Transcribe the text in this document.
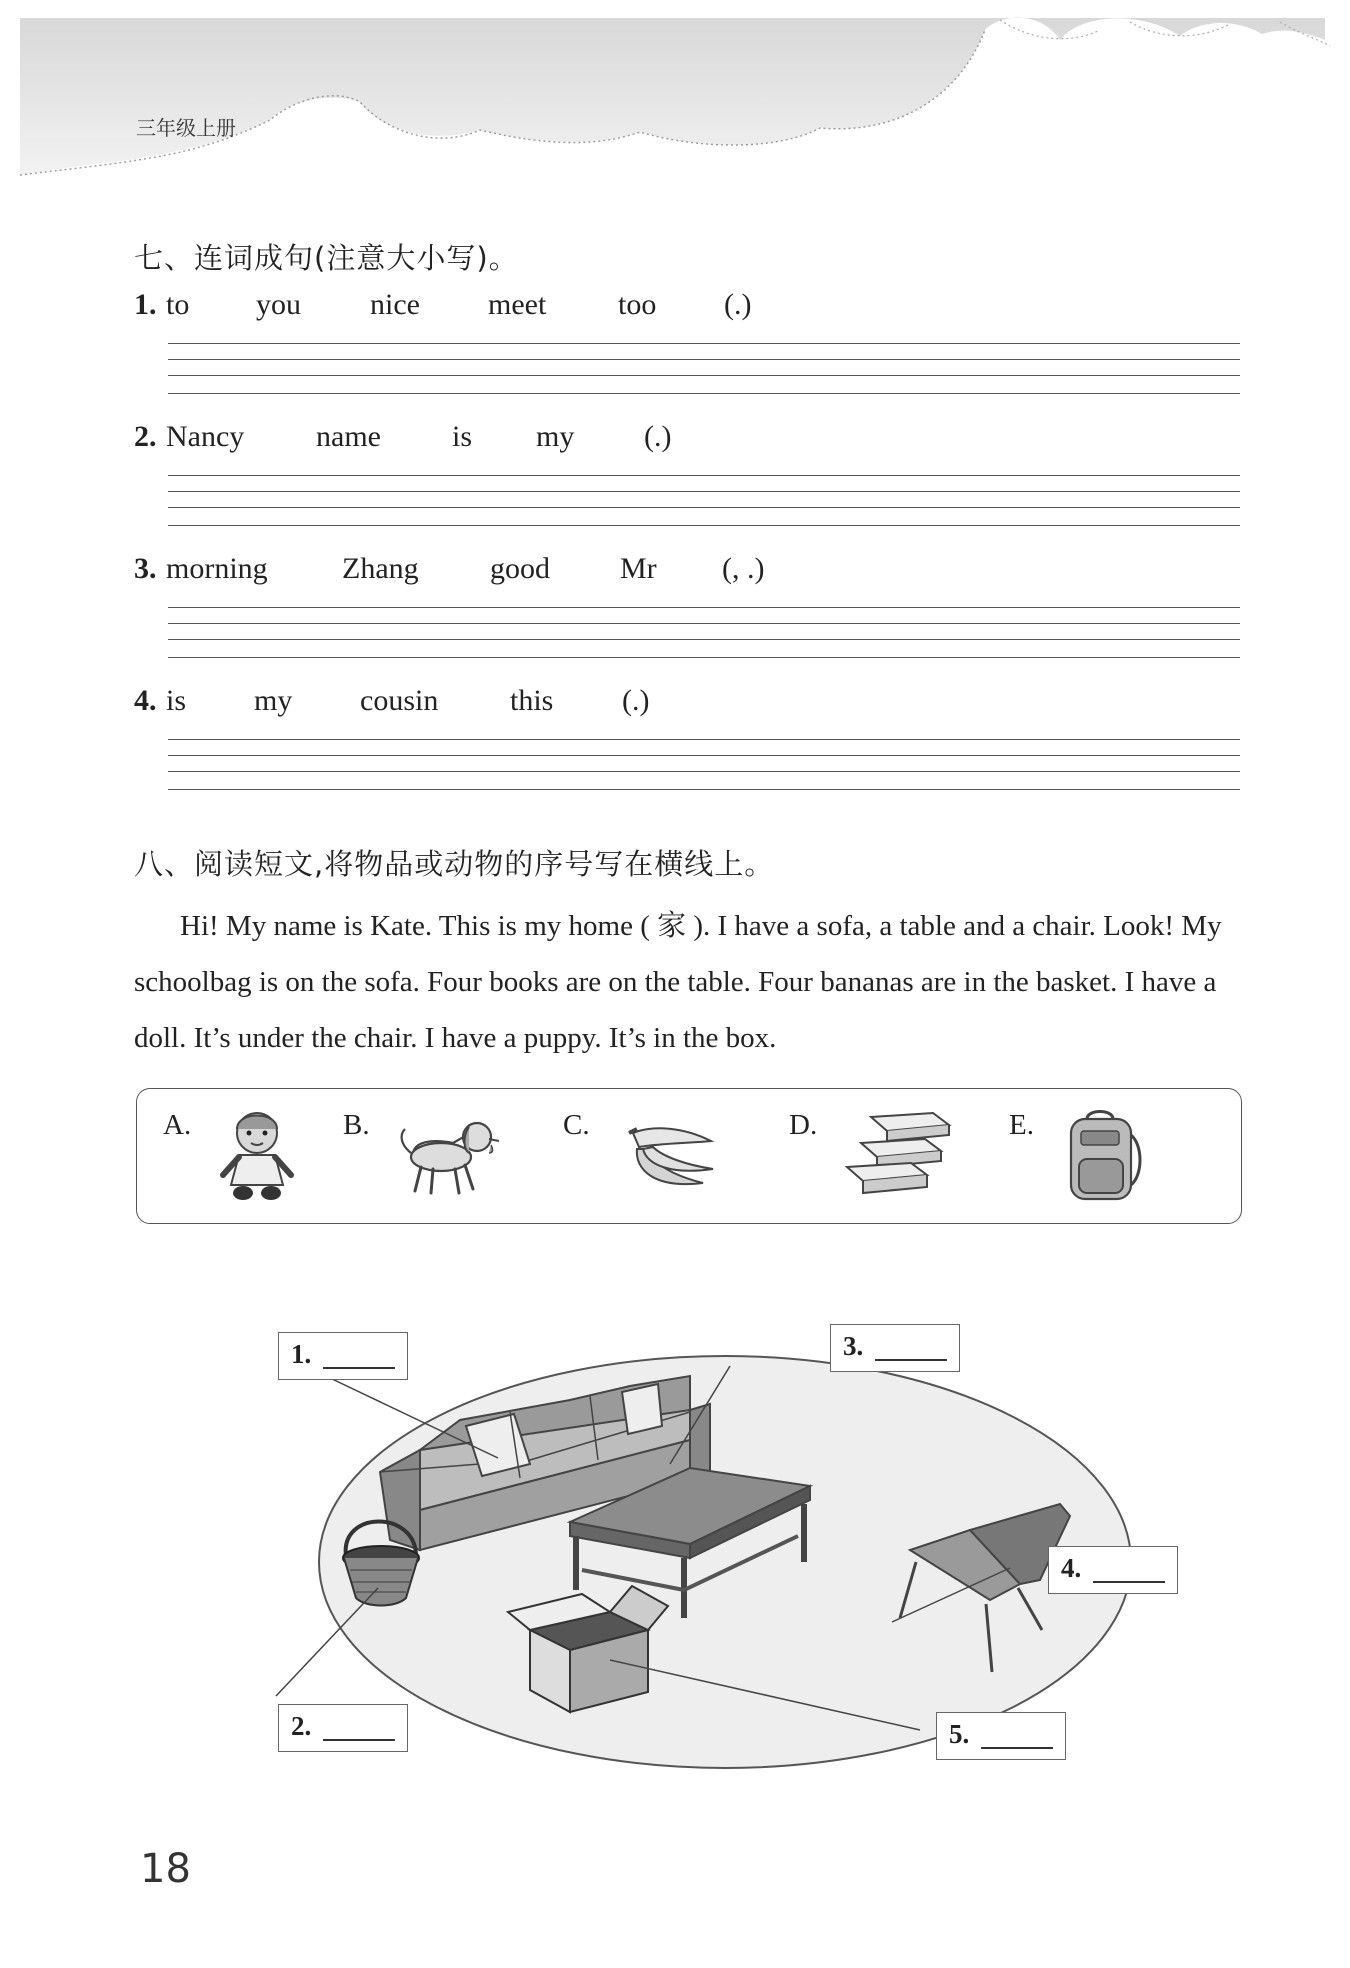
三年级上册
七、连词成句(注意大小写)。
1. to you nice meet too (.)
2. Nancy name is my (.)
3. morning Zhang good Mr (, .)
4. is my cousin this (.)
八、阅读短文,将物品或动物的序号写在横线上。

Hi! My name is Kate. This is my home ( 家 ). I have a sofa, a table and a chair. Look! My schoolbag is on the sofa. Four books are on the table. Four bananas are in the basket. I have a doll. It’s under the chair. I have a puppy. It’s in the box.

A.	B.	C.	D.	E.
1.
2.
3.
4.
5.
18
